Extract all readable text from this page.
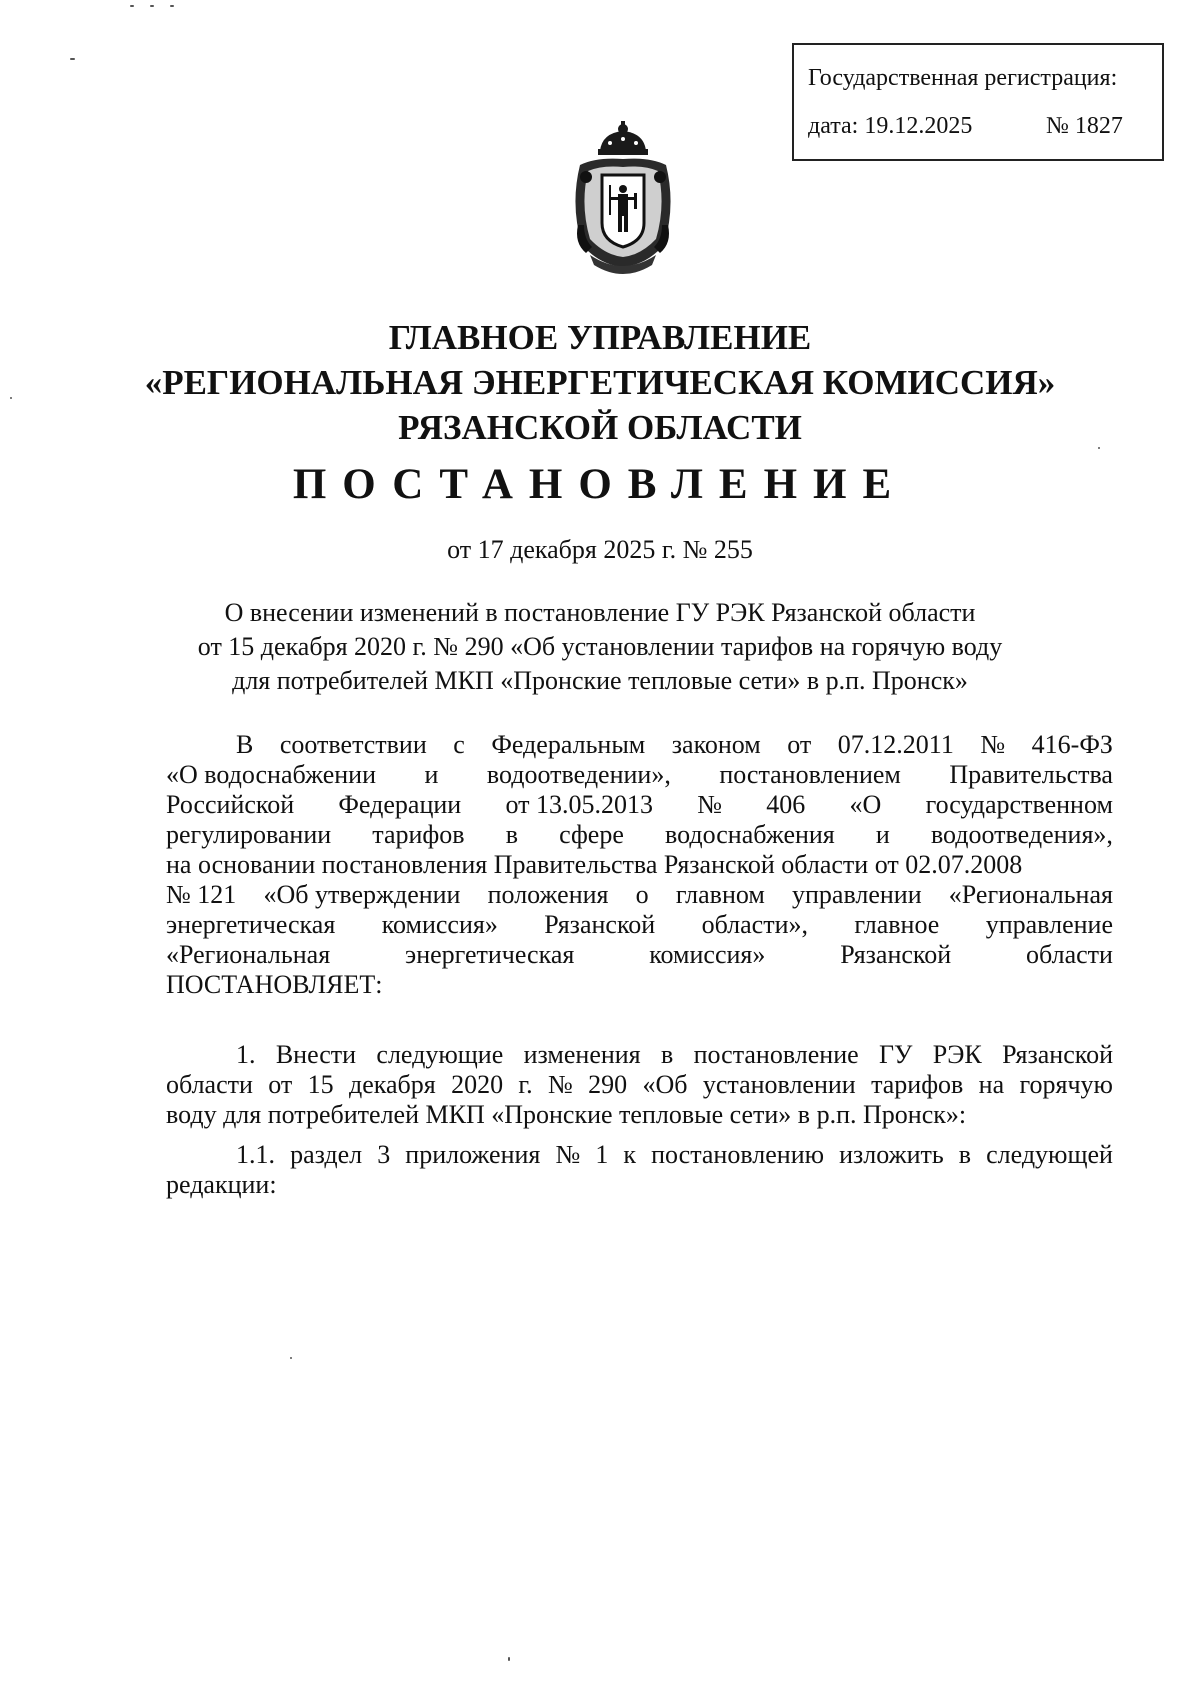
Государственная регистрация:
дата: 19.12.2025	№ 1827
ГЛАВНОЕ УПРАВЛЕНИЕ
«РЕГИОНАЛЬНАЯ ЭНЕРГЕТИЧЕСКАЯ КОМИССИЯ»
РЯЗАНСКОЙ ОБЛАСТИ
ПОСТАНОВЛЕНИЕ
от 17 декабря 2025 г. № 255
О внесении изменений в постановление ГУ РЭК Рязанской области
от 15 декабря 2020 г. № 290 «Об установлении тарифов на горячую воду
для потребителей МКП «Пронские тепловые сети» в р.п. Пронск»
В соответствии с Федеральным законом от 07.12.2011 № 416-ФЗ
«О водоснабжении и водоотведении», постановлением Правительства
Российской Федерации от 13.05.2013 № 406 «О государственном
регулировании тарифов в сфере водоснабжения и водоотведения»,
на основании постановления Правительства Рязанской области от 02.07.2008
№ 121 «Об утверждении положения о главном управлении «Региональная
энергетическая комиссия» Рязанской области», главное управление
«Региональная	энергетическая	комиссия»	Рязанской	области
ПОСТАНОВЛЯЕТ:
1. Внести следующие изменения в постановление ГУ РЭК Рязанской
области от 15 декабря 2020 г. № 290 «Об установлении тарифов на горячую
воду для потребителей МКП «Пронские тепловые сети» в р.п. Пронск»:
1.1. раздел 3 приложения № 1 к постановлению изложить в следующей
редакции:
